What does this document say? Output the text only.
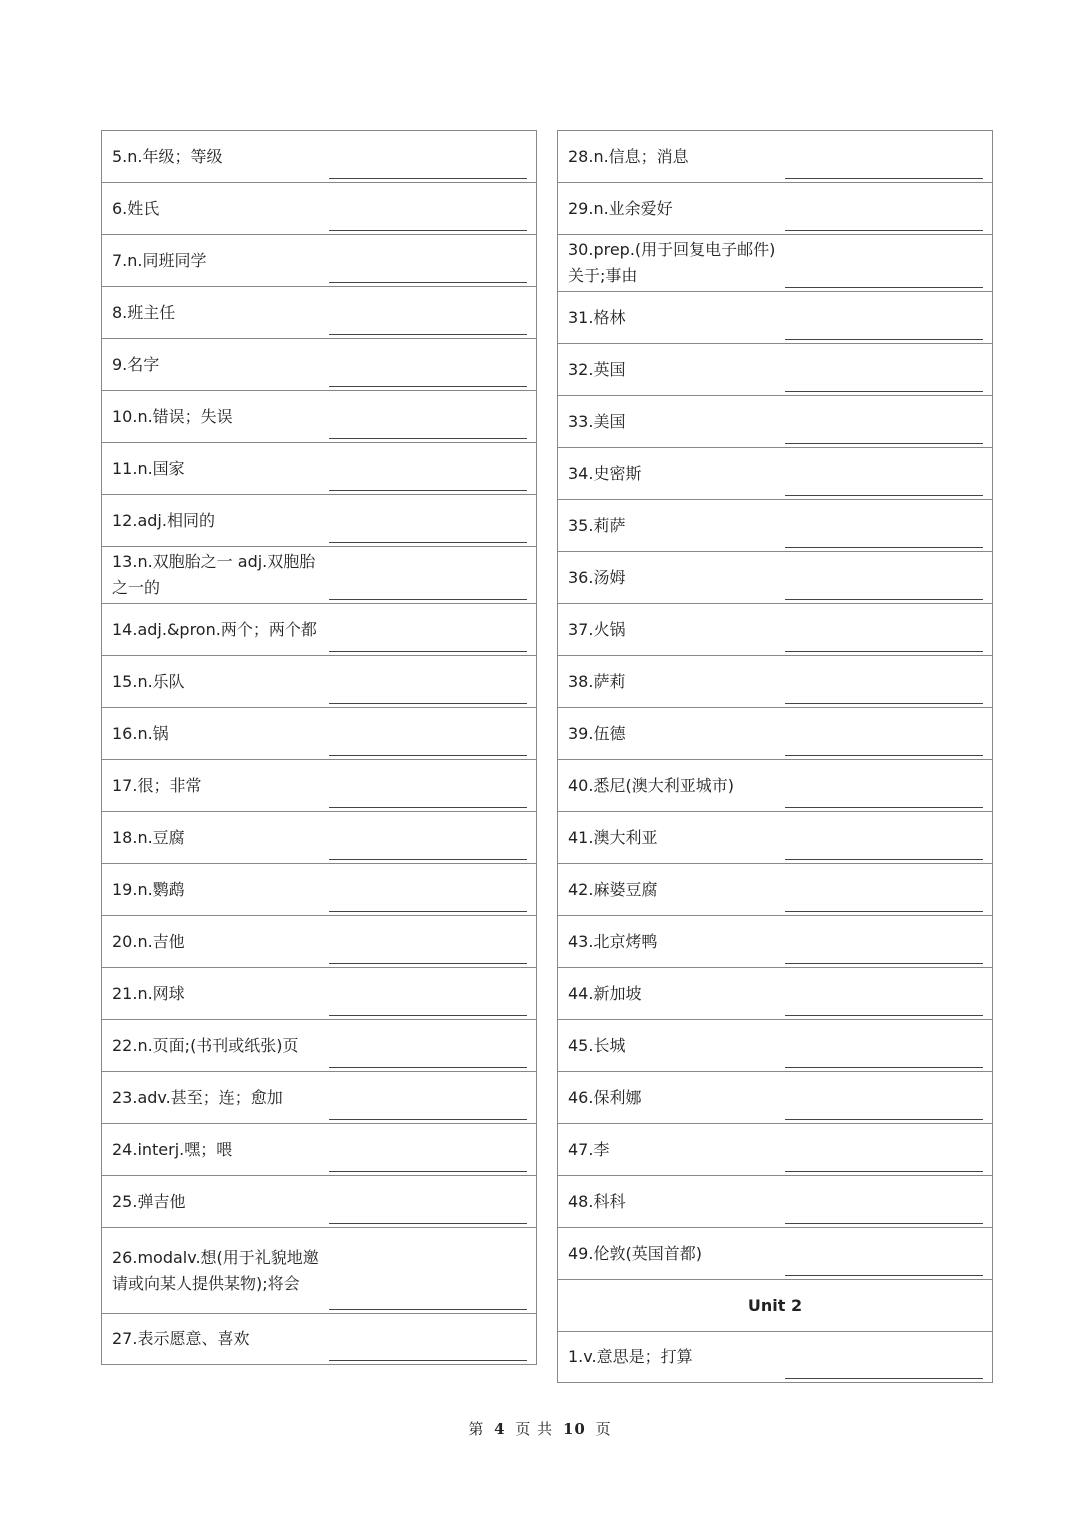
5.n.年级；等级
6.姓氏
7.n.同班同学
8.班主任
9.名字
10.n.错误；失误
11.n.国家
12.adj.相同的
13.n.双胞胎之一 adj.双胞胎之一的
14.adj.&pron.两个；两个都
15.n.乐队
16.n.锅
17.很；非常
18.n.豆腐
19.n.鹦鹉
20.n.吉他
21.n.网球
22.n.页面;(书刊或纸张)页
23.adv.甚至；连；愈加
24.interj.嘿；喂
25.弹吉他
26.modalv.想(用于礼貌地邀请或向某人提供某物);将会
27.表示愿意、喜欢
28.n.信息；消息
29.n.业余爱好
30.prep.(用于回复电子邮件)关于;事由
31.格林
32.英国
33.美国
34.史密斯
35.莉萨
36.汤姆
37.火锅
38.萨莉
39.伍德
40.悉尼(澳大利亚城市)
41.澳大利亚
42.麻婆豆腐
43.北京烤鸭
44.新加坡
45.长城
46.保利娜
47.李
48.科科
49.伦敦(英国首都)
Unit 2
1.v.意思是；打算
第 4 页 共 10 页
